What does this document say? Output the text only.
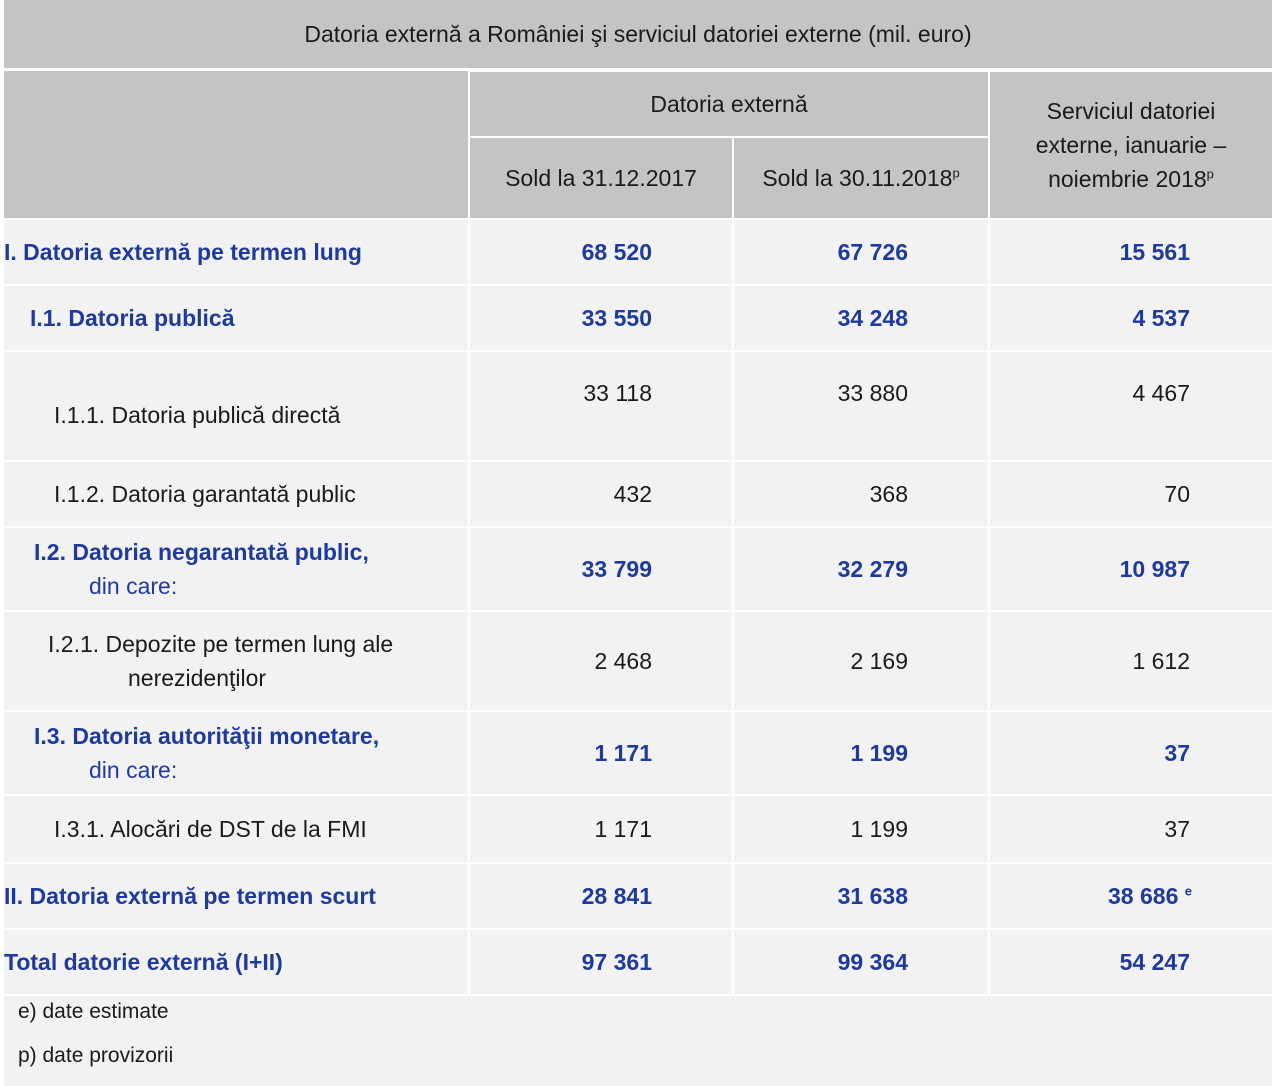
Datoria externă a României şi serviciul datoriei externe (mil. euro)
	Datoria externă		Serviciul datoriei
externe, ianuarie –
noiembrie 2018$^p$
	Sold la 31.12.2017	Sold la 30.11.2018$^p$
I. Datoria externă pe termen lung	68 520	67 726	15 561
I.1. Datoria publică	33 550	34 248	4 537
I.1.1. Datoria publică directă	33 118	33 880	4 467
I.1.2. Datoria garantată public	432	368	70
I.2. Datoria negarantată public,
din care:	33 799	32 279	10 987
I.2.1. Depozite pe termen lung ale
nerezidenţilor	2 468	2 169	1 612
I.3. Datoria autorităţii monetare,
din care:	1 171	1 199	37
I.3.1. Alocări de DST de la FMI	1 171	1 199	37
II. Datoria externă pe termen scurt	28 841	31 638	38 686 $^e$
Total datorie externă (I+II)	97 361	99 364	54 247
e) date estimate
p) date provizorii
